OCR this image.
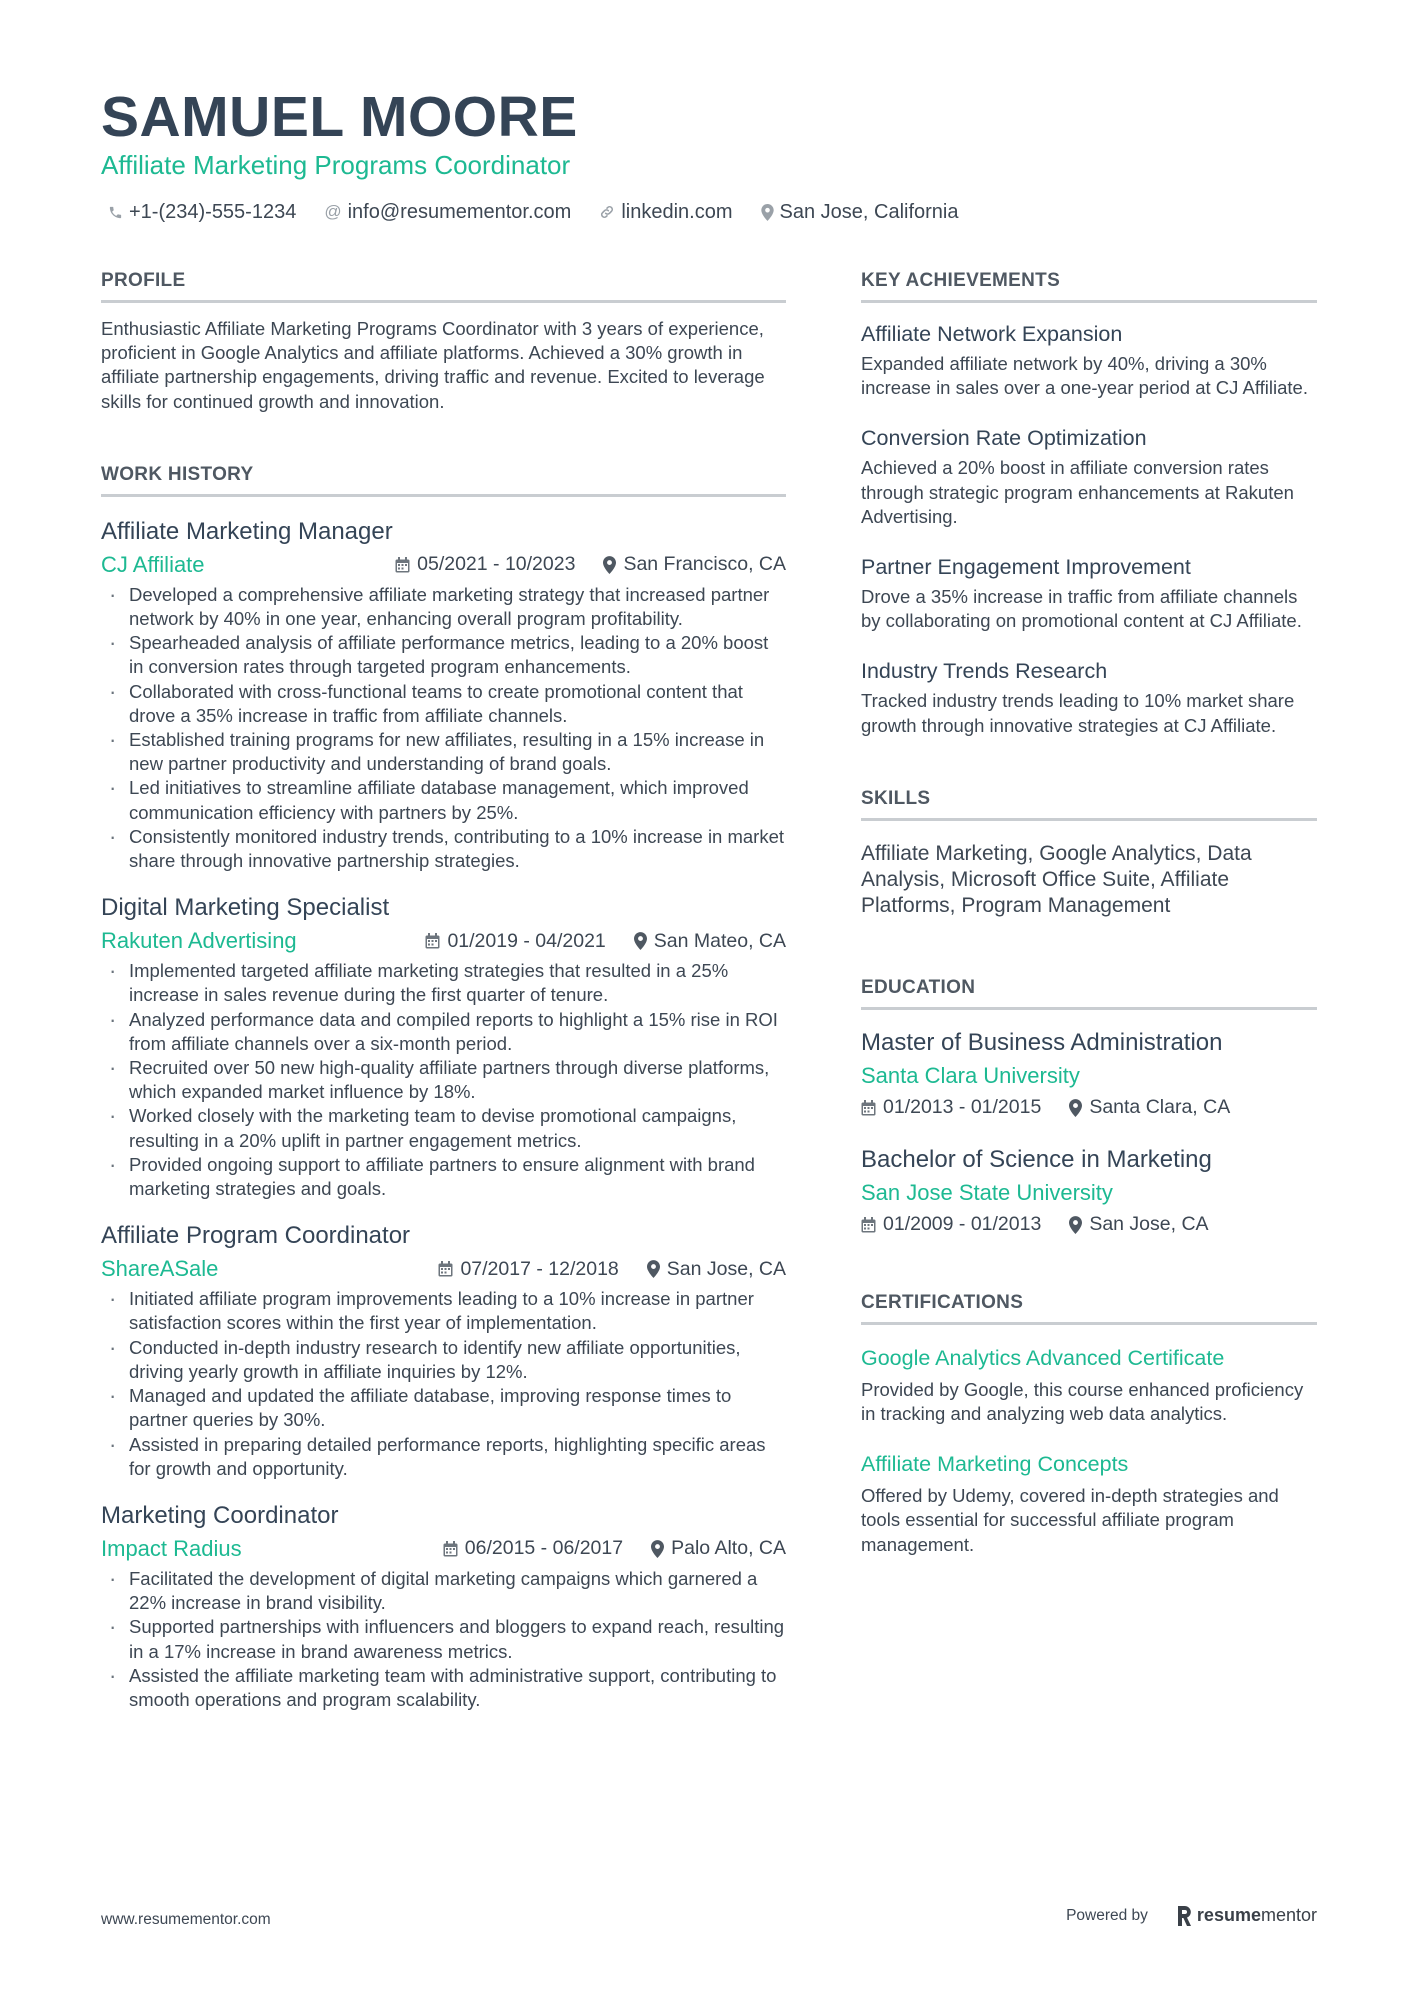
SAMUEL MOORE
Affiliate Marketing Programs Coordinator
+1-(234)-555-1234 @ info@resumementor.com	linkedin.com San Jose, California
PROFILE

Enthusiastic Affiliate Marketing Programs Coordinator with 3 years of experience, proficient in Google Analytics and affiliate platforms. Achieved a 30% growth in affiliate partnership engagements, driving traffic and revenue. Excited to leverage skills for continued growth and innovation.

WORK HISTORY
Affiliate Marketing Manager
CJ Affiliate	05/2021 - 10/2023 San Francisco, CA
· Developed a comprehensive affiliate marketing strategy that increased partner network by 40% in one year, enhancing overall program profitability.
· Spearheaded analysis of affiliate performance metrics, leading to a 20% boost in conversion rates through targeted program enhancements.
· Collaborated with cross-functional teams to create promotional content that drove a 35% increase in traffic from affiliate channels.
· Established training programs for new affiliates, resulting in a 15% increase in new partner productivity and understanding of brand goals.
· Led initiatives to streamline affiliate database management, which improved communication efficiency with partners by 25%.
· Consistently monitored industry trends, contributing to a 10% increase in market share through innovative partnership strategies.
Digital Marketing Specialist
Rakuten Advertising	01/2019 - 04/2021 San Mateo, CA
· Implemented targeted affiliate marketing strategies that resulted in a 25% increase in sales revenue during the first quarter of tenure.
· Analyzed performance data and compiled reports to highlight a 15% rise in ROI from affiliate channels over a six-month period.
· Recruited over 50 new high-quality affiliate partners through diverse platforms, which expanded market influence by 18%.
· Worked closely with the marketing team to devise promotional campaigns, resulting in a 20% uplift in partner engagement metrics.
· Provided ongoing support to affiliate partners to ensure alignment with brand marketing strategies and goals.
Affiliate Program Coordinator
ShareASale	07/2017 - 12/2018 San Jose, CA
· Initiated affiliate program improvements leading to a 10% increase in partner satisfaction scores within the first year of implementation.
· Conducted in-depth industry research to identify new affiliate opportunities, driving yearly growth in affiliate inquiries by 12%.
· Managed and updated the affiliate database, improving response times to partner queries by 30%.
· Assisted in preparing detailed performance reports, highlighting specific areas for growth and opportunity.
Marketing Coordinator
Impact Radius	06/2015 - 06/2017 Palo Alto, CA
· Facilitated the development of digital marketing campaigns which garnered a 22% increase in brand visibility.
· Supported partnerships with influencers and bloggers to expand reach, resulting in a 17% increase in brand awareness metrics.
· Assisted the affiliate marketing team with administrative support, contributing to smooth operations and program scalability.
KEY ACHIEVEMENTS
Affiliate Network Expansion

Expanded affiliate network by 40%, driving a 30% increase in sales over a one-year period at CJ Affiliate.

Conversion Rate Optimization

Achieved a 20% boost in affiliate conversion rates through strategic program enhancements at Rakuten Advertising.

Partner Engagement Improvement

Drove a 35% increase in traffic from affiliate channels by collaborating on promotional content at CJ Affiliate.

Industry Trends Research

Tracked industry trends leading to 10% market share growth through innovative strategies at CJ Affiliate.

SKILLS

Affiliate Marketing, Google Analytics, Data Analysis, Microsoft Office Suite, Affiliate Platforms, Program Management

EDUCATION
Master of Business Administration
Santa Clara University
01/2013 - 01/2015 Santa Clara, CA
Bachelor of Science in Marketing
San Jose State University
01/2009 - 01/2013 San Jose, CA
CERTIFICATIONS
Google Analytics Advanced Certificate

Provided by Google, this course enhanced proficiency in tracking and analyzing web data analytics.

Affiliate Marketing Concepts

Offered by Udemy, covered in-depth strategies and tools essential for successful affiliate program management.

www.resumementor.com	Powered by	resume mentor
